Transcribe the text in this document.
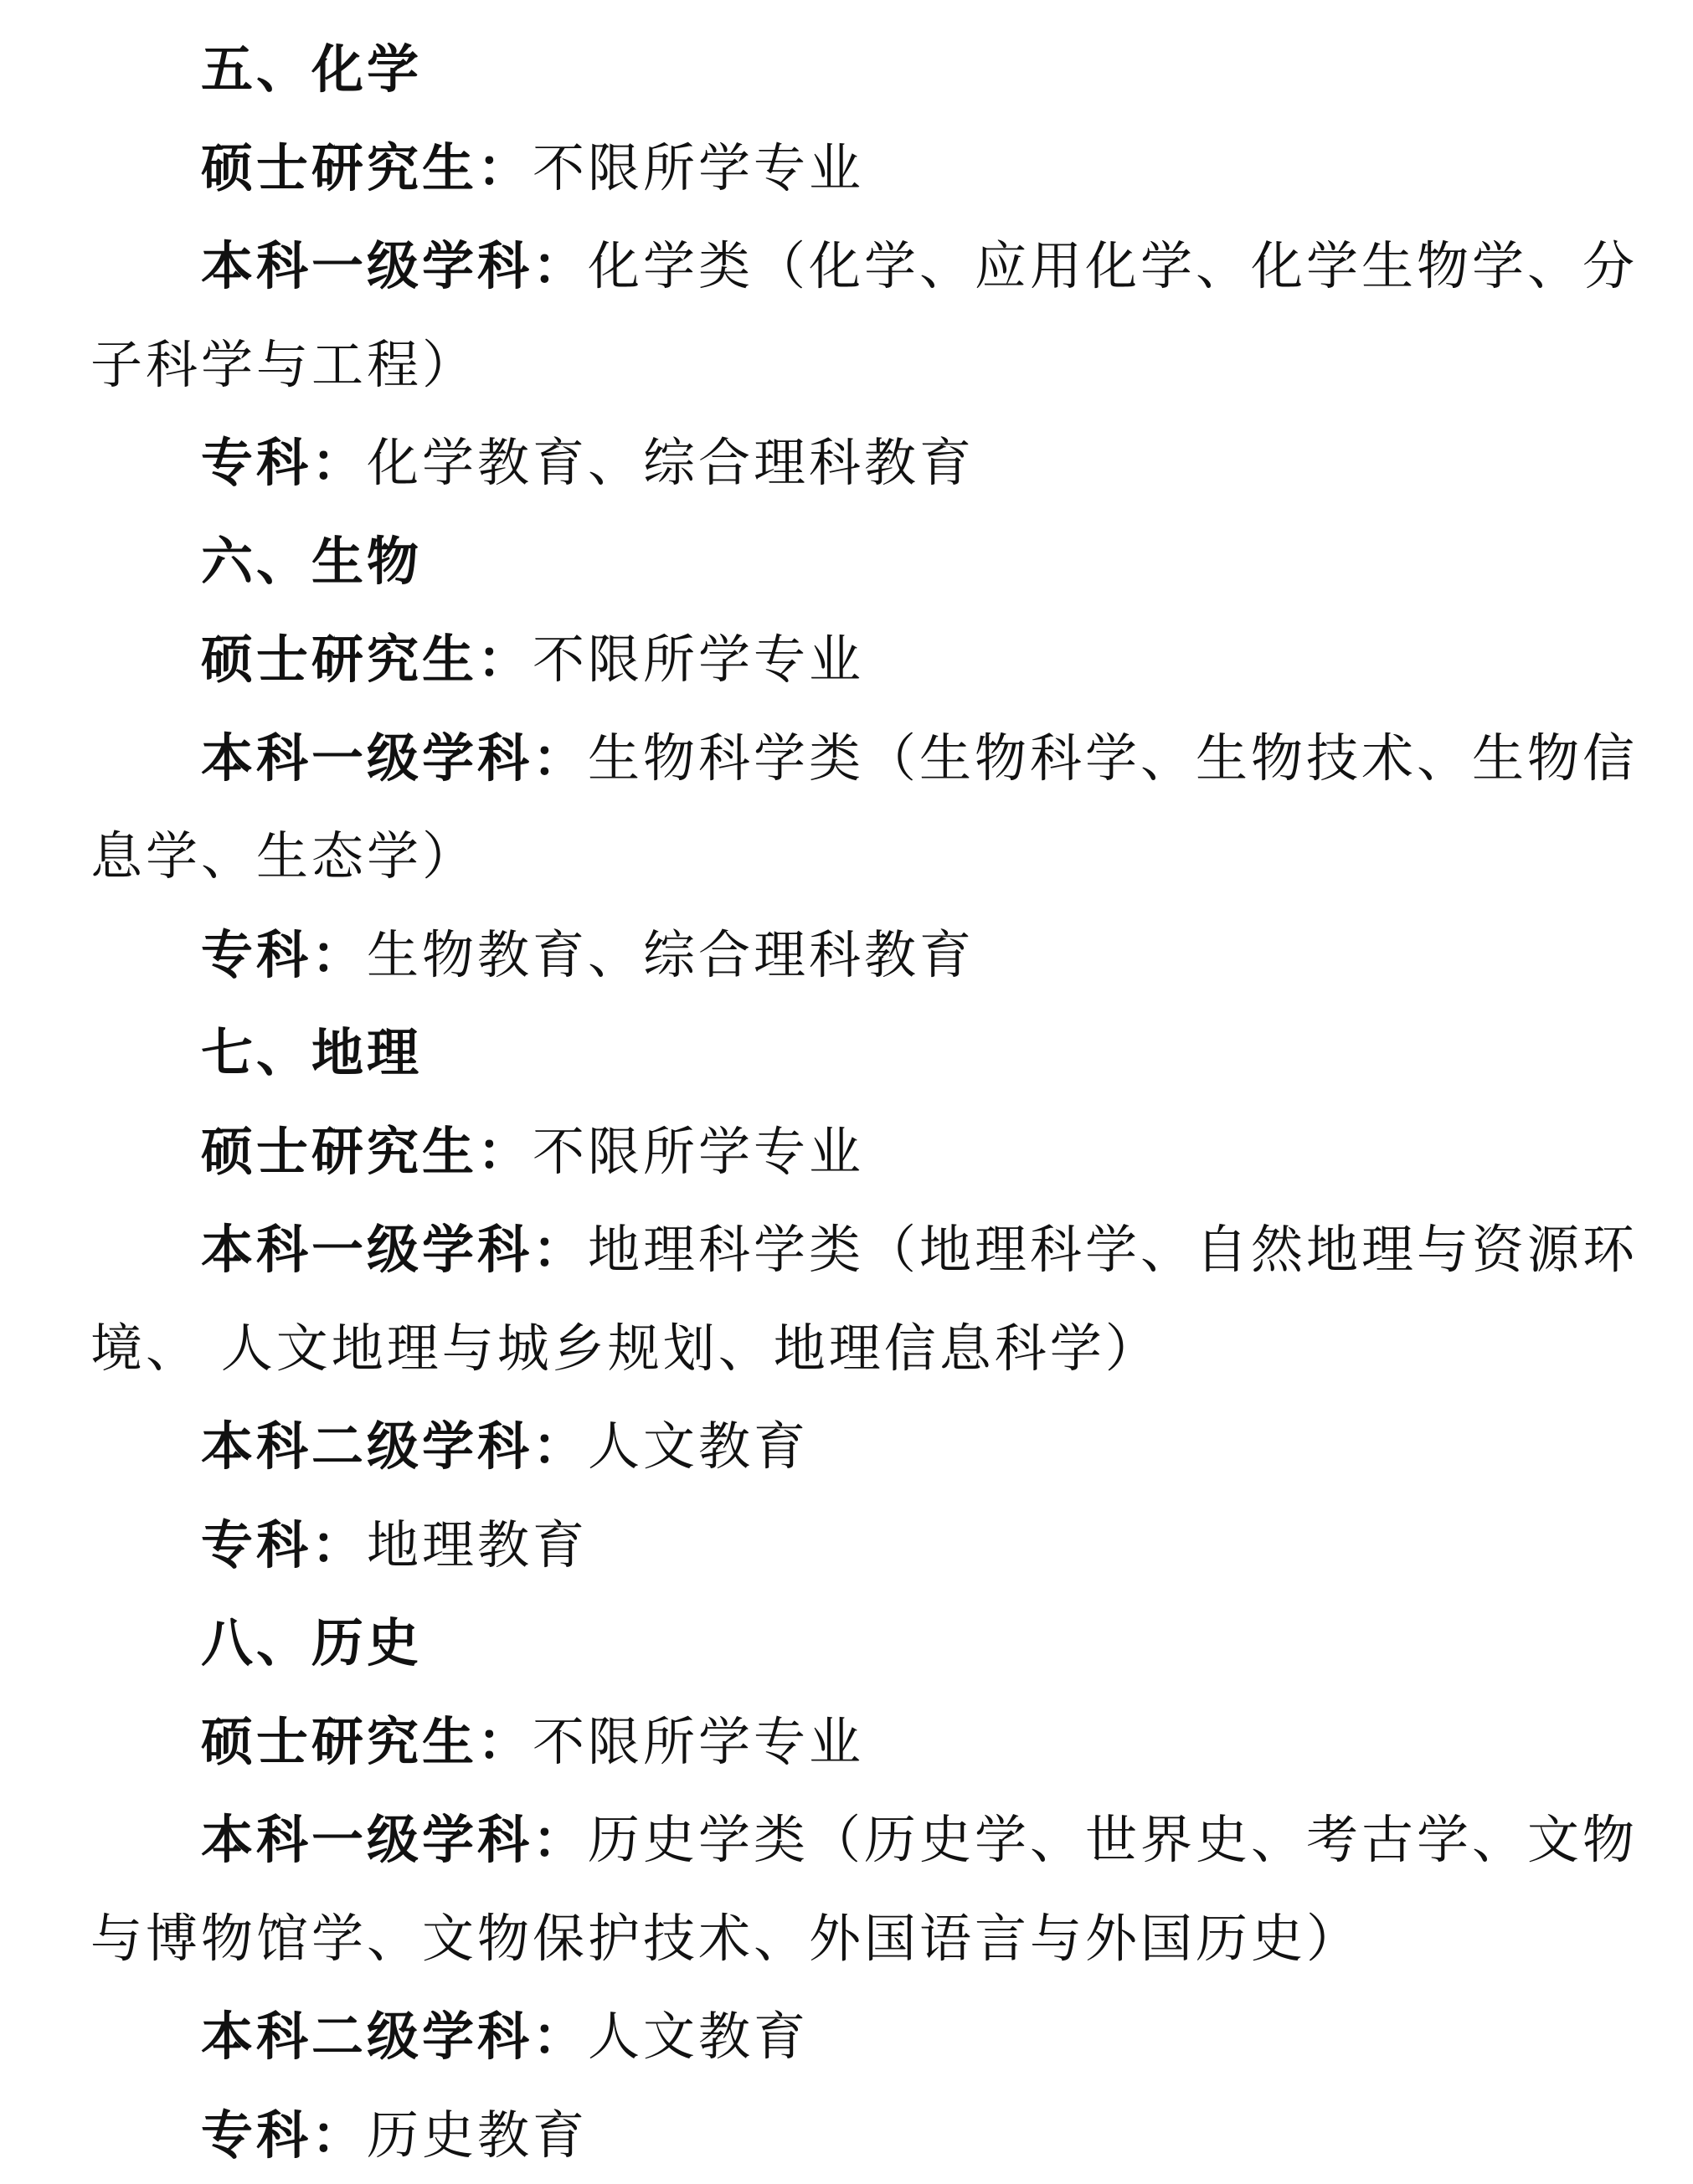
五、化学
硕士研究生：不限所学专业
本科一级学科：化学类（化学、应用化学、化学生物学、分
子科学与工程）
专科：化学教育、综合理科教育
六、生物
硕士研究生：不限所学专业
本科一级学科：生物科学类（生物科学、生物技术、生物信
息学、生态学）
专科：生物教育、综合理科教育
七、地理
硕士研究生：不限所学专业
本科一级学科：地理科学类（地理科学、自然地理与资源环
境、 人文地理与城乡规划、地理信息科学）
本科二级学科：人文教育
专科：地理教育
八、历史
硕士研究生：不限所学专业
本科一级学科：历史学类（历史学、世界史、考古学、文物
与博物馆学、文物保护技术、外国语言与外国历史）
本科二级学科：人文教育
专科：历史教育
